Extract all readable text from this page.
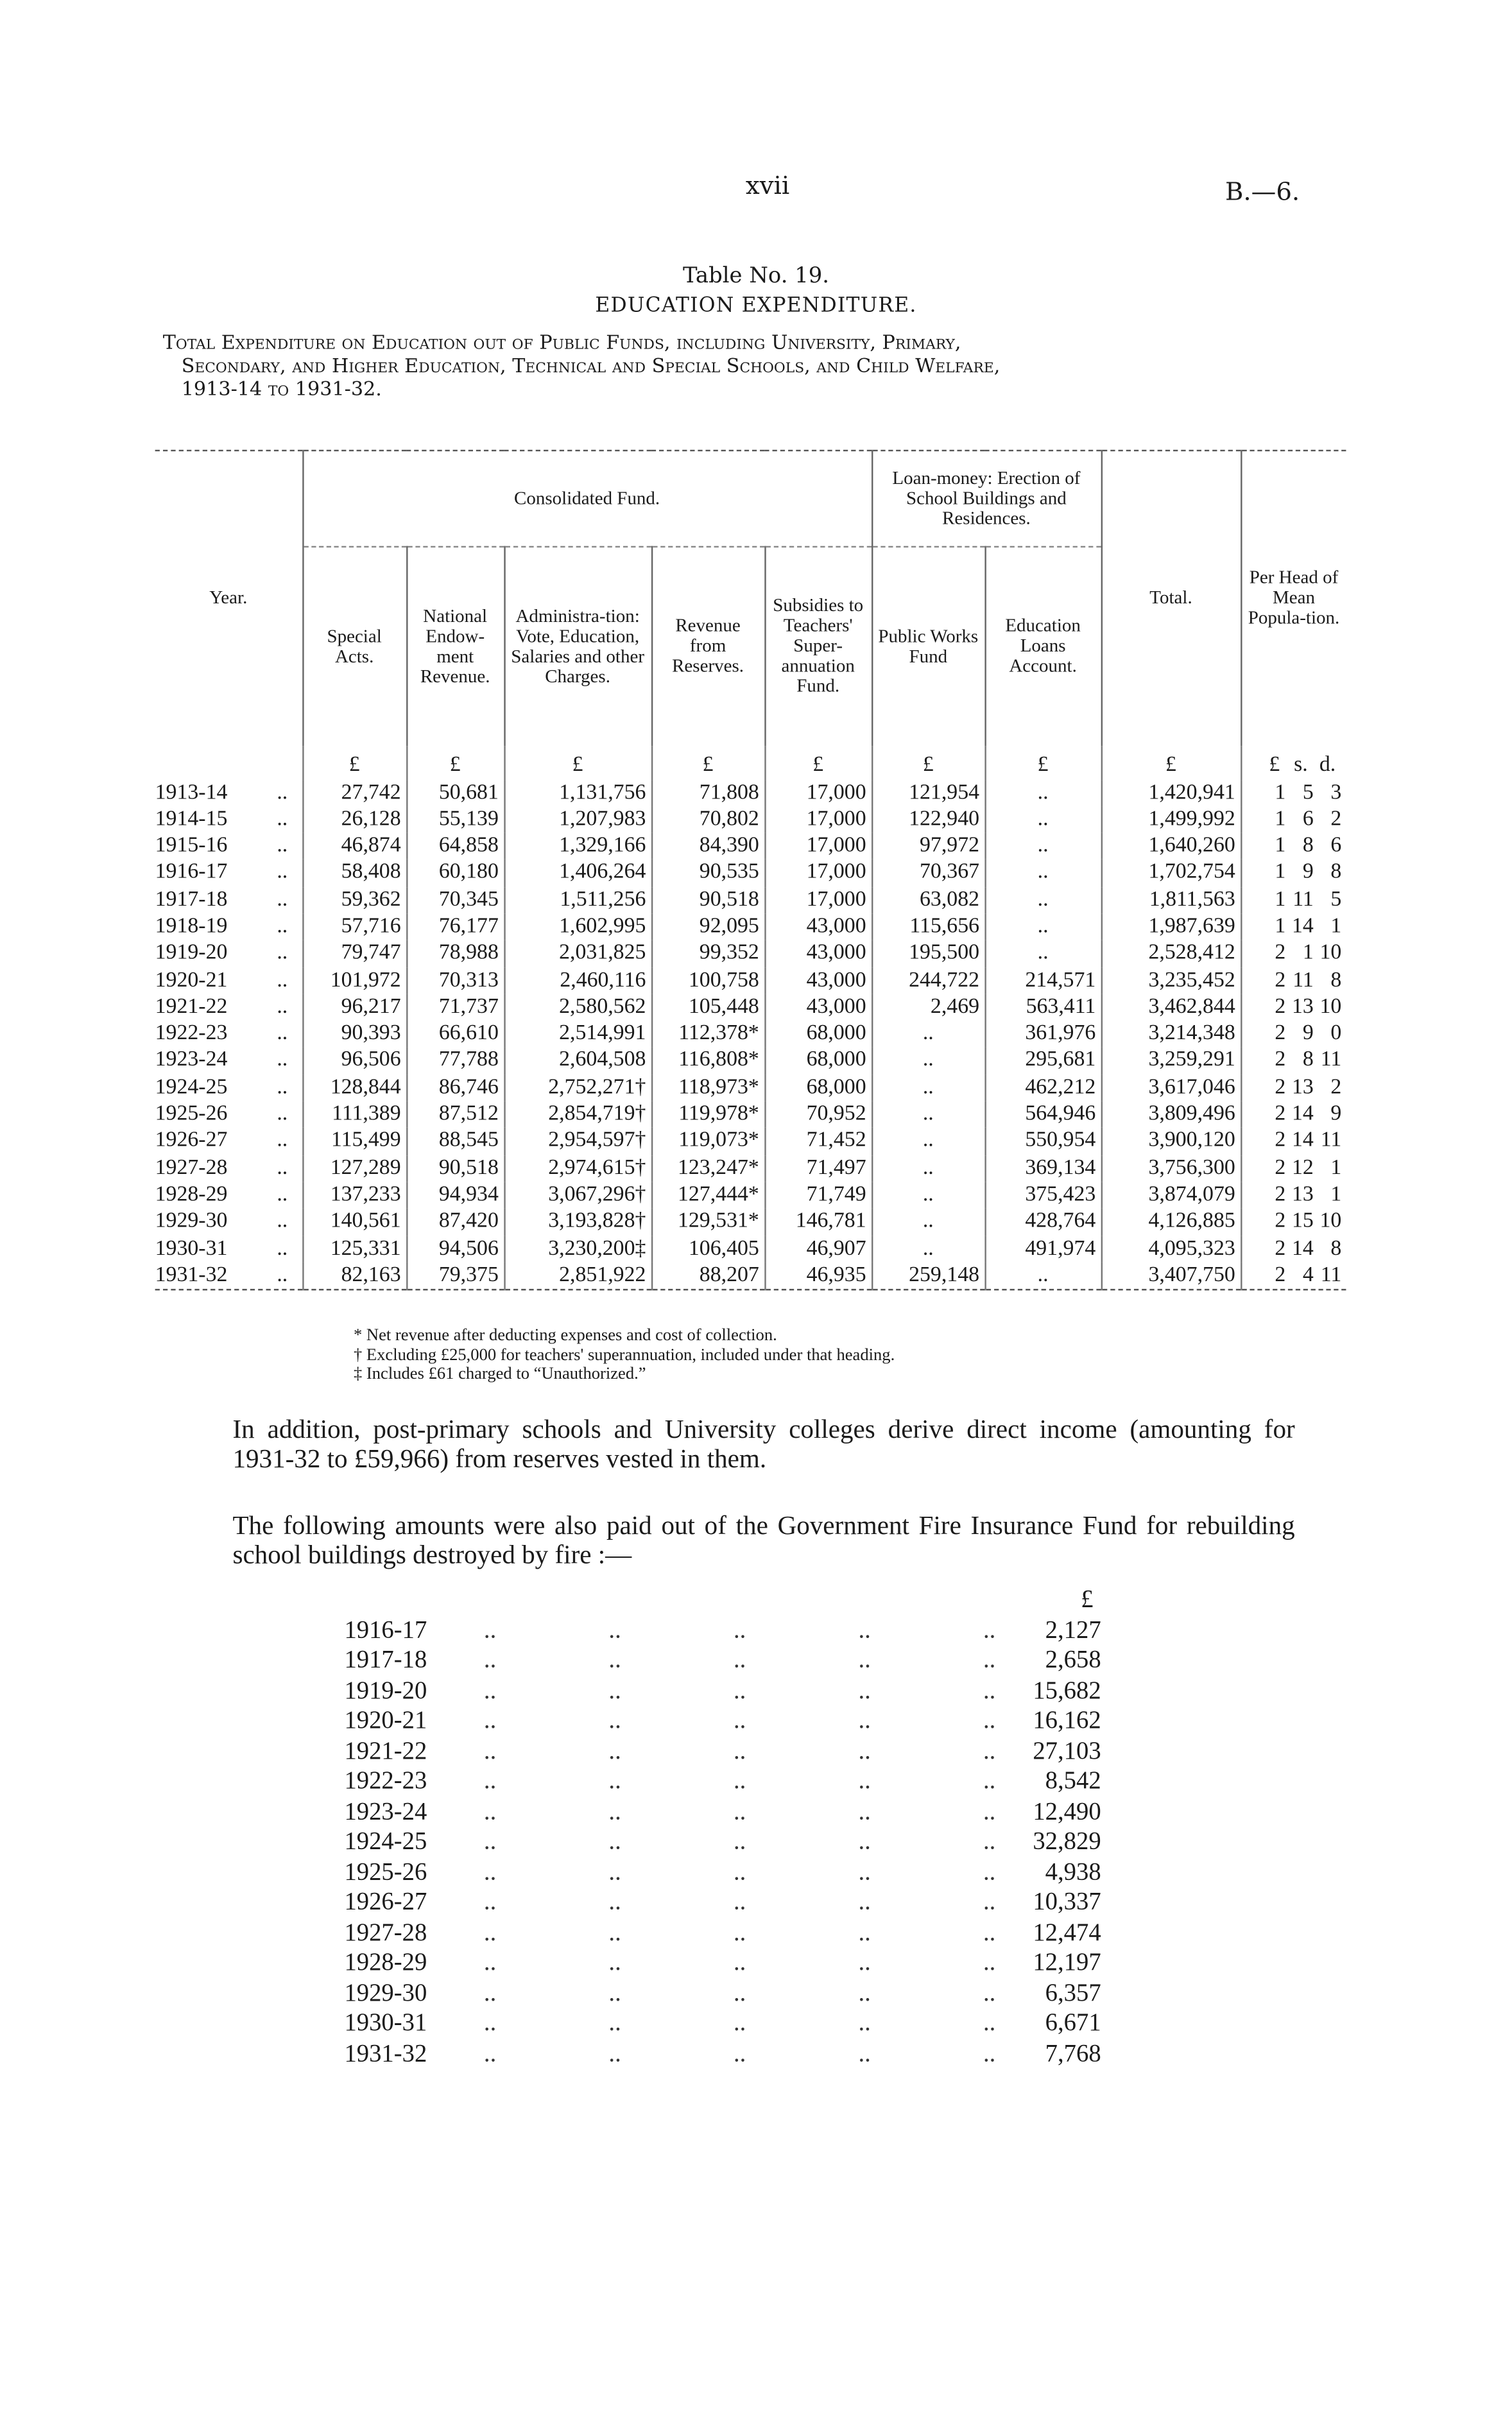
xvii	B.—6.
Table No. 19.
EDUCATION EXPENDITURE.
Total Expenditure on Education out of Public Funds, including University, Primary,
Secondary, and Higher Education, Technical and Special Schools, and Child Welfare,
1913-14 to 1931-32.
Year.	Consolidated Fund.					Loan-money: Erection of School Buildings and Residences.		Total.	Per Head of Mean Popula-tion.
	Special Acts.	National Endow-ment Revenue.	Administra-tion: Vote, Education, Salaries and other Charges.	Revenue from Reserves.	Subsidies to Teachers' Super-annuation Fund.	Public Works Fund	Education Loans Account.		
	£	£	£	£	£	£	£	£	£ s. d.
1913-14 ..	27,742	50,681	1,131,756	71,808	17,000	121,954	..	1,420,941	1 5 3
1914-15 ..	26,128	55,139	1,207,983	70,802	17,000	122,940	..	1,499,992	1 6 2
1915-16 ..	46,874	64,858	1,329,166	84,390	17,000	97,972	..	1,640,260	1 8 6
1916-17 ..	58,408	60,180	1,406,264	90,535	17,000	70,367	..	1,702,754	1 9 8
1917-18 ..	59,362	70,345	1,511,256	90,518	17,000	63,082	..	1,811,563	1 11 5
1918-19 ..	57,716	76,177	1,602,995	92,095	43,000	115,656	..	1,987,639	1 14 1
1919-20 ..	79,747	78,988	2,031,825	99,352	43,000	195,500	..	2,528,412	2 1 10
1920-21 ..	101,972	70,313	2,460,116	100,758	43,000	244,722	214,571	3,235,452	2 11 8
1921-22 ..	96,217	71,737	2,580,562	105,448	43,000	2,469	563,411	3,462,844	2 13 10
1922-23 ..	90,393	66,610	2,514,991	112,378*	68,000	..	361,976	3,214,348	2 9 0
1923-24 ..	96,506	77,788	2,604,508	116,808*	68,000	..	295,681	3,259,291	2 8 11
1924-25 ..	128,844	86,746	2,752,271†	118,973*	68,000	..	462,212	3,617,046	2 13 2
1925-26 ..	111,389	87,512	2,854,719†	119,978*	70,952	..	564,946	3,809,496	2 14 9
1926-27 ..	115,499	88,545	2,954,597†	119,073*	71,452	..	550,954	3,900,120	2 14 11
1927-28 ..	127,289	90,518	2,974,615†	123,247*	71,497	..	369,134	3,756,300	2 12 1
1928-29 ..	137,233	94,934	3,067,296†	127,444*	71,749	..	375,423	3,874,079	2 13 1
1929-30 ..	140,561	87,420	3,193,828†	129,531*	146,781	..	428,764	4,126,885	2 15 10
1930-31 ..	125,331	94,506	3,230,200‡	106,405	46,907	..	491,974	4,095,323	2 14 8
1931-32 ..	82,163	79,375	2,851,922	88,207	46,935	259,148	..	3,407,750	2 4 11
* Net revenue after deducting expenses and cost of collection.
† Excluding £25,000 for teachers' superannuation, included under that heading.
‡ Includes £61 charged to “Unauthorized.”
In addition, post-primary schools and University colleges derive direct income (amounting for 1931-32 to £59,966) from reserves vested in them.
The following amounts were also paid out of the Government Fire Insurance Fund for rebuilding school buildings destroyed by fire :—
£
1916-17	..	..	..	..	..	2,127
1917-18	..	..	..	..	..	2,658
1919-20	..	..	..	..	..	15,682
1920-21	..	..	..	..	..	16,162
1921-22	..	..	..	..	..	27,103
1922-23	..	..	..	..	..	8,542
1923-24	..	..	..	..	..	12,490
1924-25	..	..	..	..	..	32,829
1925-26	..	..	..	..	..	4,938
1926-27	..	..	..	..	..	10,337
1927-28	..	..	..	..	..	12,474
1928-29	..	..	..	..	..	12,197
1929-30	..	..	..	..	..	6,357
1930-31	..	..	..	..	..	6,671
1931-32	..	..	..	..	..	7,768
